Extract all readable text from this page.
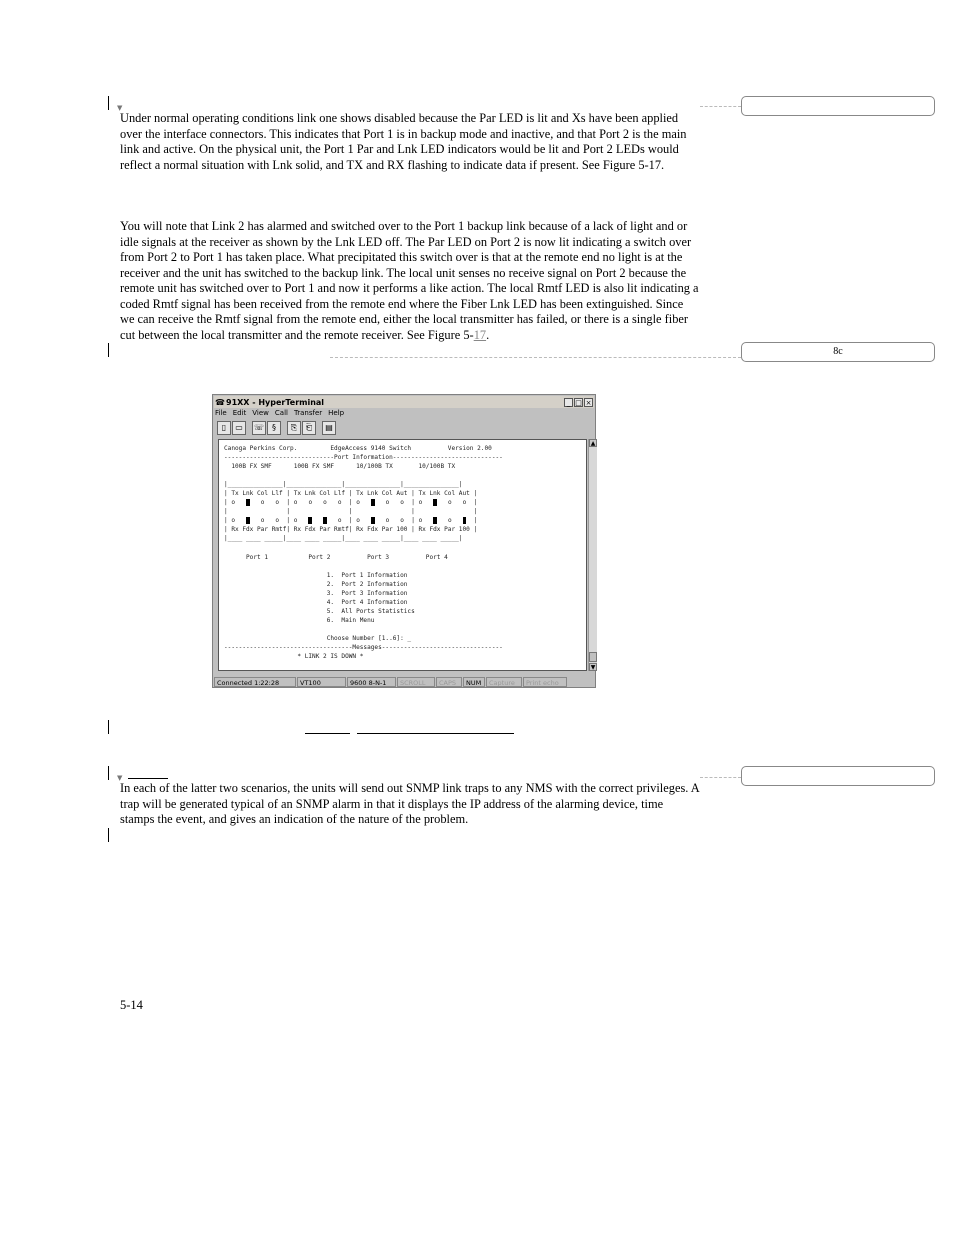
▼

Under normal operating conditions link one shows disabled because the Par LED is lit and Xs have been applied over the interface connectors. This indicates that Port 1 is in backup mode and inactive, and that Port 2 is the main link and active. On the physical unit, the Port 1 Par and Lnk LED indicators would be lit and Port 2 LEDs would reflect a normal situation with Lnk solid, and TX and RX flashing to indicate data if present. See Figure 5-17.

You will note that Link 2 has alarmed and switched over to the Port 1 backup link because of a lack of light and or idle signals at the receiver as shown by the Lnk LED off. The Par LED on Port 2 is now lit indicating a switch over from Port 2 to Port 1 has taken place. What precipitated this switch over is that at the remote end no light is at the receiver and the unit has switched to the backup link. The local unit senses no receive signal on Port 2 because the remote unit has switched over to Port 1 and now it performs a like action. The local Rmtf LED is also lit indicating a coded Rmtf signal has been received from the remote end where the Fiber Lnk LED has been extinguished. Since we can receive the Rmtf signal from the remote end, either the local transmitter has failed, or there is a single fiber cut between the local transmitter and the remote receiver. See Figure 5-17.

8c
☎ 91XX - HyperTerminal	_ □ ×
File Edit View Call Transfer Help
▯	▭	☏	§	⎘	⎗	▤
Canoga Perkins Corp.         EdgeAccess 9140 Switch          Version 2.00
------------------------------Port Information------------------------------
100B FX SMF      100B FX SMF      10/100B TX       10/100B TX

|_______________|_______________|_______________|_______________|
| Tx Lnk Col Llf | Tx Lnk Col Llf | Tx Lnk Col Aut | Tx Lnk Col Aut |
| o	o o | o o o o | o	o o | o	o o |
|                |                |                |                |
| o	o o | o	o | o	o o | o	o	|
| Rx Fdx Par Rmtf| Rx Fdx Par Rmtf| Rx Fdx Par 100 | Rx Fdx Par 100 |
|____ ____ _____|____ ____ _____|____ ____ _____|____ ____ _____|

Port 1           Port 2          Port 3          Port 4

1.  Port 1 Information
2.  Port 2 Information
3.  Port 3 Information
4.  Port 4 Information
5.  All Ports Statistics
6.  Main Menu

Choose Number [1..6]: _
-----------------------------------Messages---------------------------------
* LINK 2 IS DOWN *
▲
▼
Connected 1:22:28	VT100	9600 8-N-1	SCROLL	CAPS	NUM	Capture	Print echo
▼

In each of the latter two scenarios, the units will send out SNMP link traps to any NMS with the correct privileges. A trap will be generated typical of an SNMP alarm in that it displays the IP address of the alarming device, time stamps the event, and gives an indication of the nature of the problem.

5-14
